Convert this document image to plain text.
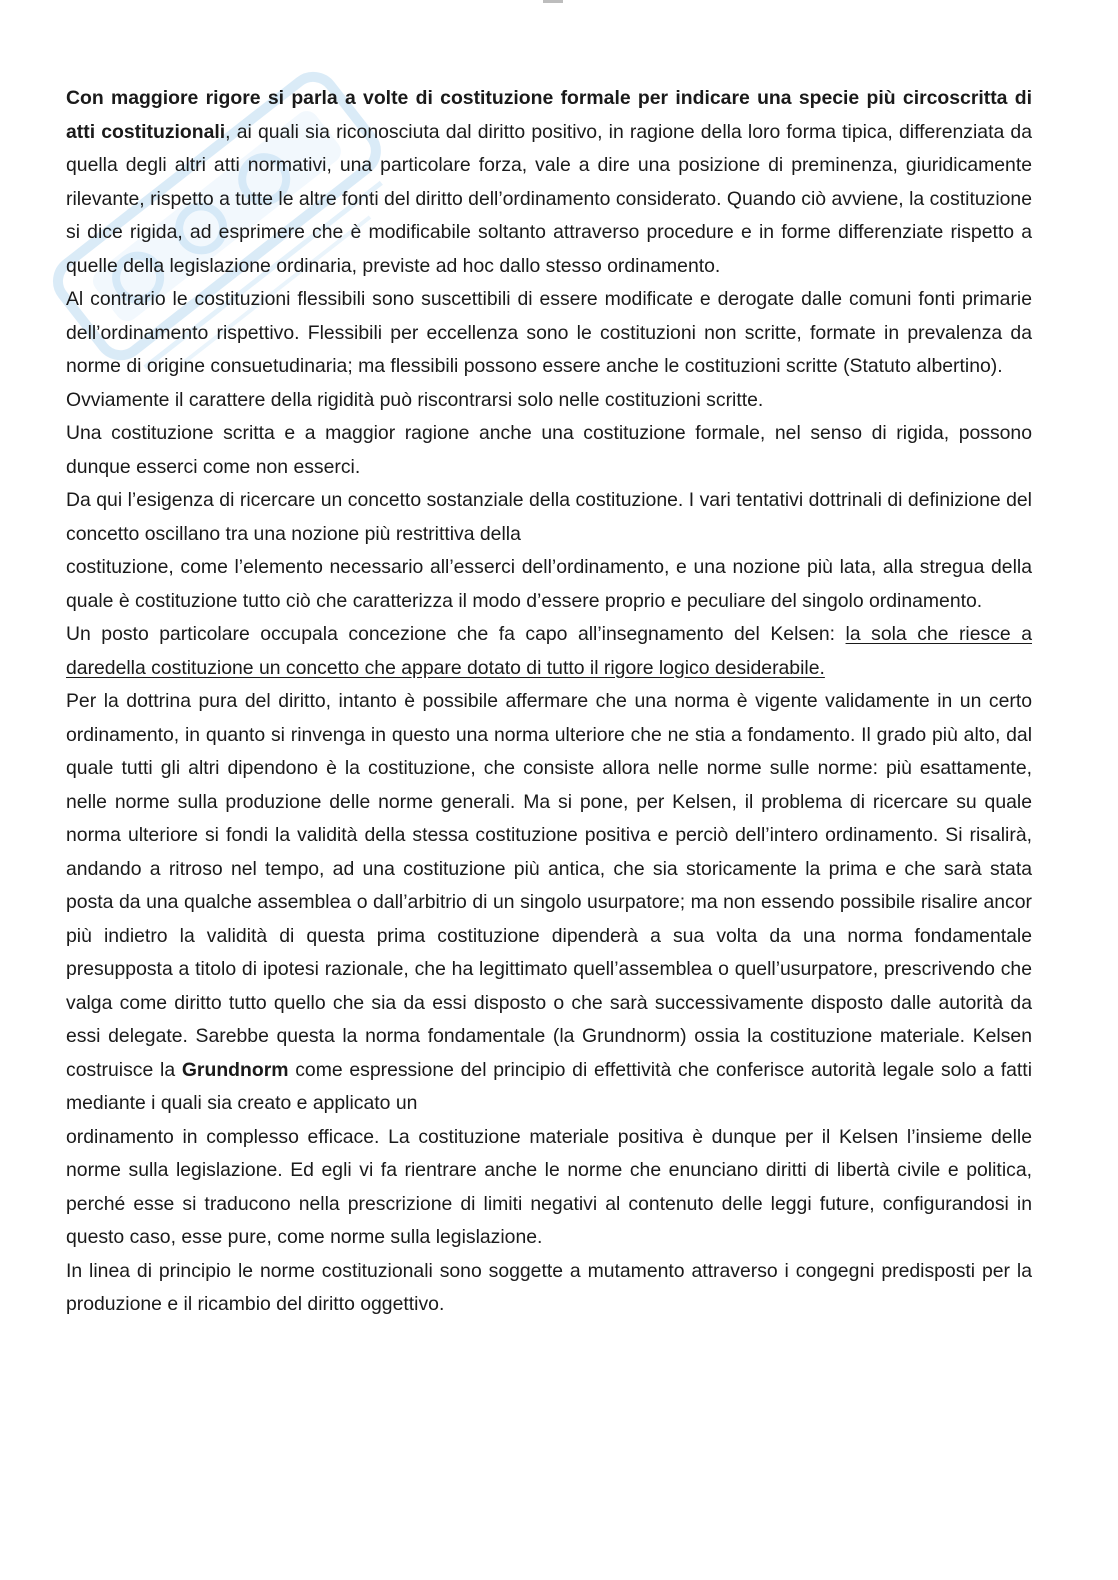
Con maggiore rigore si parla a volte di costituzione formale per indicare una specie più circoscritta di atti costituzionali, ai quali sia riconosciuta dal diritto positivo, in ragione della loro forma tipica, differenziata da quella degli altri atti normativi, una particolare forza, vale a dire una posizione di preminenza, giuridicamente rilevante, rispetto a tutte le altre fonti del diritto dell’ordinamento considerato. Quando ciò avviene, la costituzione si dice rigida, ad esprimere che è modificabile soltanto attraverso procedure e in forme differenziate rispetto a quelle della legislazione ordinaria, previste ad hoc dallo stesso ordinamento.

Al contrario le costituzioni flessibili sono suscettibili di essere modificate e derogate dalle comuni fonti primarie dell’ordinamento rispettivo. Flessibili per eccellenza sono le costituzioni non scritte, formate in prevalenza da norme di origine consuetudinaria; ma flessibili possono essere anche le costituzioni scritte (Statuto albertino).

Ovviamente il carattere della rigidità può riscontrarsi solo nelle costituzioni scritte.

Una costituzione scritta e a maggior ragione anche una costituzione formale, nel senso di rigida, possono dunque esserci come non esserci.

Da qui l’esigenza di ricercare un concetto sostanziale della costituzione. I vari tentativi dottrinali di definizione del concetto oscillano tra una nozione più restrittiva della

costituzione, come l’elemento necessario all’esserci dell’ordinamento, e una nozione più lata, alla stregua della quale è costituzione tutto ciò che caratterizza il modo d’essere proprio e peculiare del singolo ordinamento.

Un posto particolare occupala concezione che fa capo all’insegnamento del Kelsen: la sola che riesce a daredella costituzione un concetto che appare dotato di tutto il rigore logico desiderabile.

Per la dottrina pura del diritto, intanto è possibile affermare che una norma è vigente validamente in un certo ordinamento, in quanto si rinvenga in questo una norma ulteriore che ne stia a fondamento. Il grado più alto, dal quale tutti gli altri dipendono è la costituzione, che consiste allora nelle norme sulle norme: più esattamente, nelle norme sulla produzione delle norme generali. Ma si pone, per Kelsen, il problema di ricercare su quale norma ulteriore si fondi la validità della stessa costituzione positiva e perciò dell’intero ordinamento. Si risalirà, andando a ritroso nel tempo, ad una costituzione più antica, che sia storicamente la prima e che sarà stata posta da una qualche assemblea o dall’arbitrio di un singolo usurpatore; ma non essendo possibile risalire ancor più indietro la validità di questa prima costituzione dipenderà a sua volta da una norma fondamentale presupposta a titolo di ipotesi razionale, che ha legittimato quell’assemblea o quell’usurpatore, prescrivendo che valga come diritto tutto quello che sia da essi disposto o che sarà successivamente disposto dalle autorità da essi delegate. Sarebbe questa la norma fondamentale (la Grundnorm) ossia la costituzione materiale. Kelsen costruisce la Grundnorm come espressione del principio di effettività che conferisce autorità legale solo a fatti mediante i quali sia creato e applicato un

ordinamento in complesso efficace. La costituzione materiale positiva è dunque per il Kelsen l’insieme delle norme sulla legislazione. Ed egli vi fa rientrare anche le norme che enunciano diritti di libertà civile e politica, perché esse si traducono nella prescrizione di limiti negativi al contenuto delle leggi future, configurandosi in questo caso, esse pure, come norme sulla legislazione.

In linea di principio le norme costituzionali sono soggette a mutamento attraverso i congegni predisposti per la produzione e il ricambio del diritto oggettivo.
